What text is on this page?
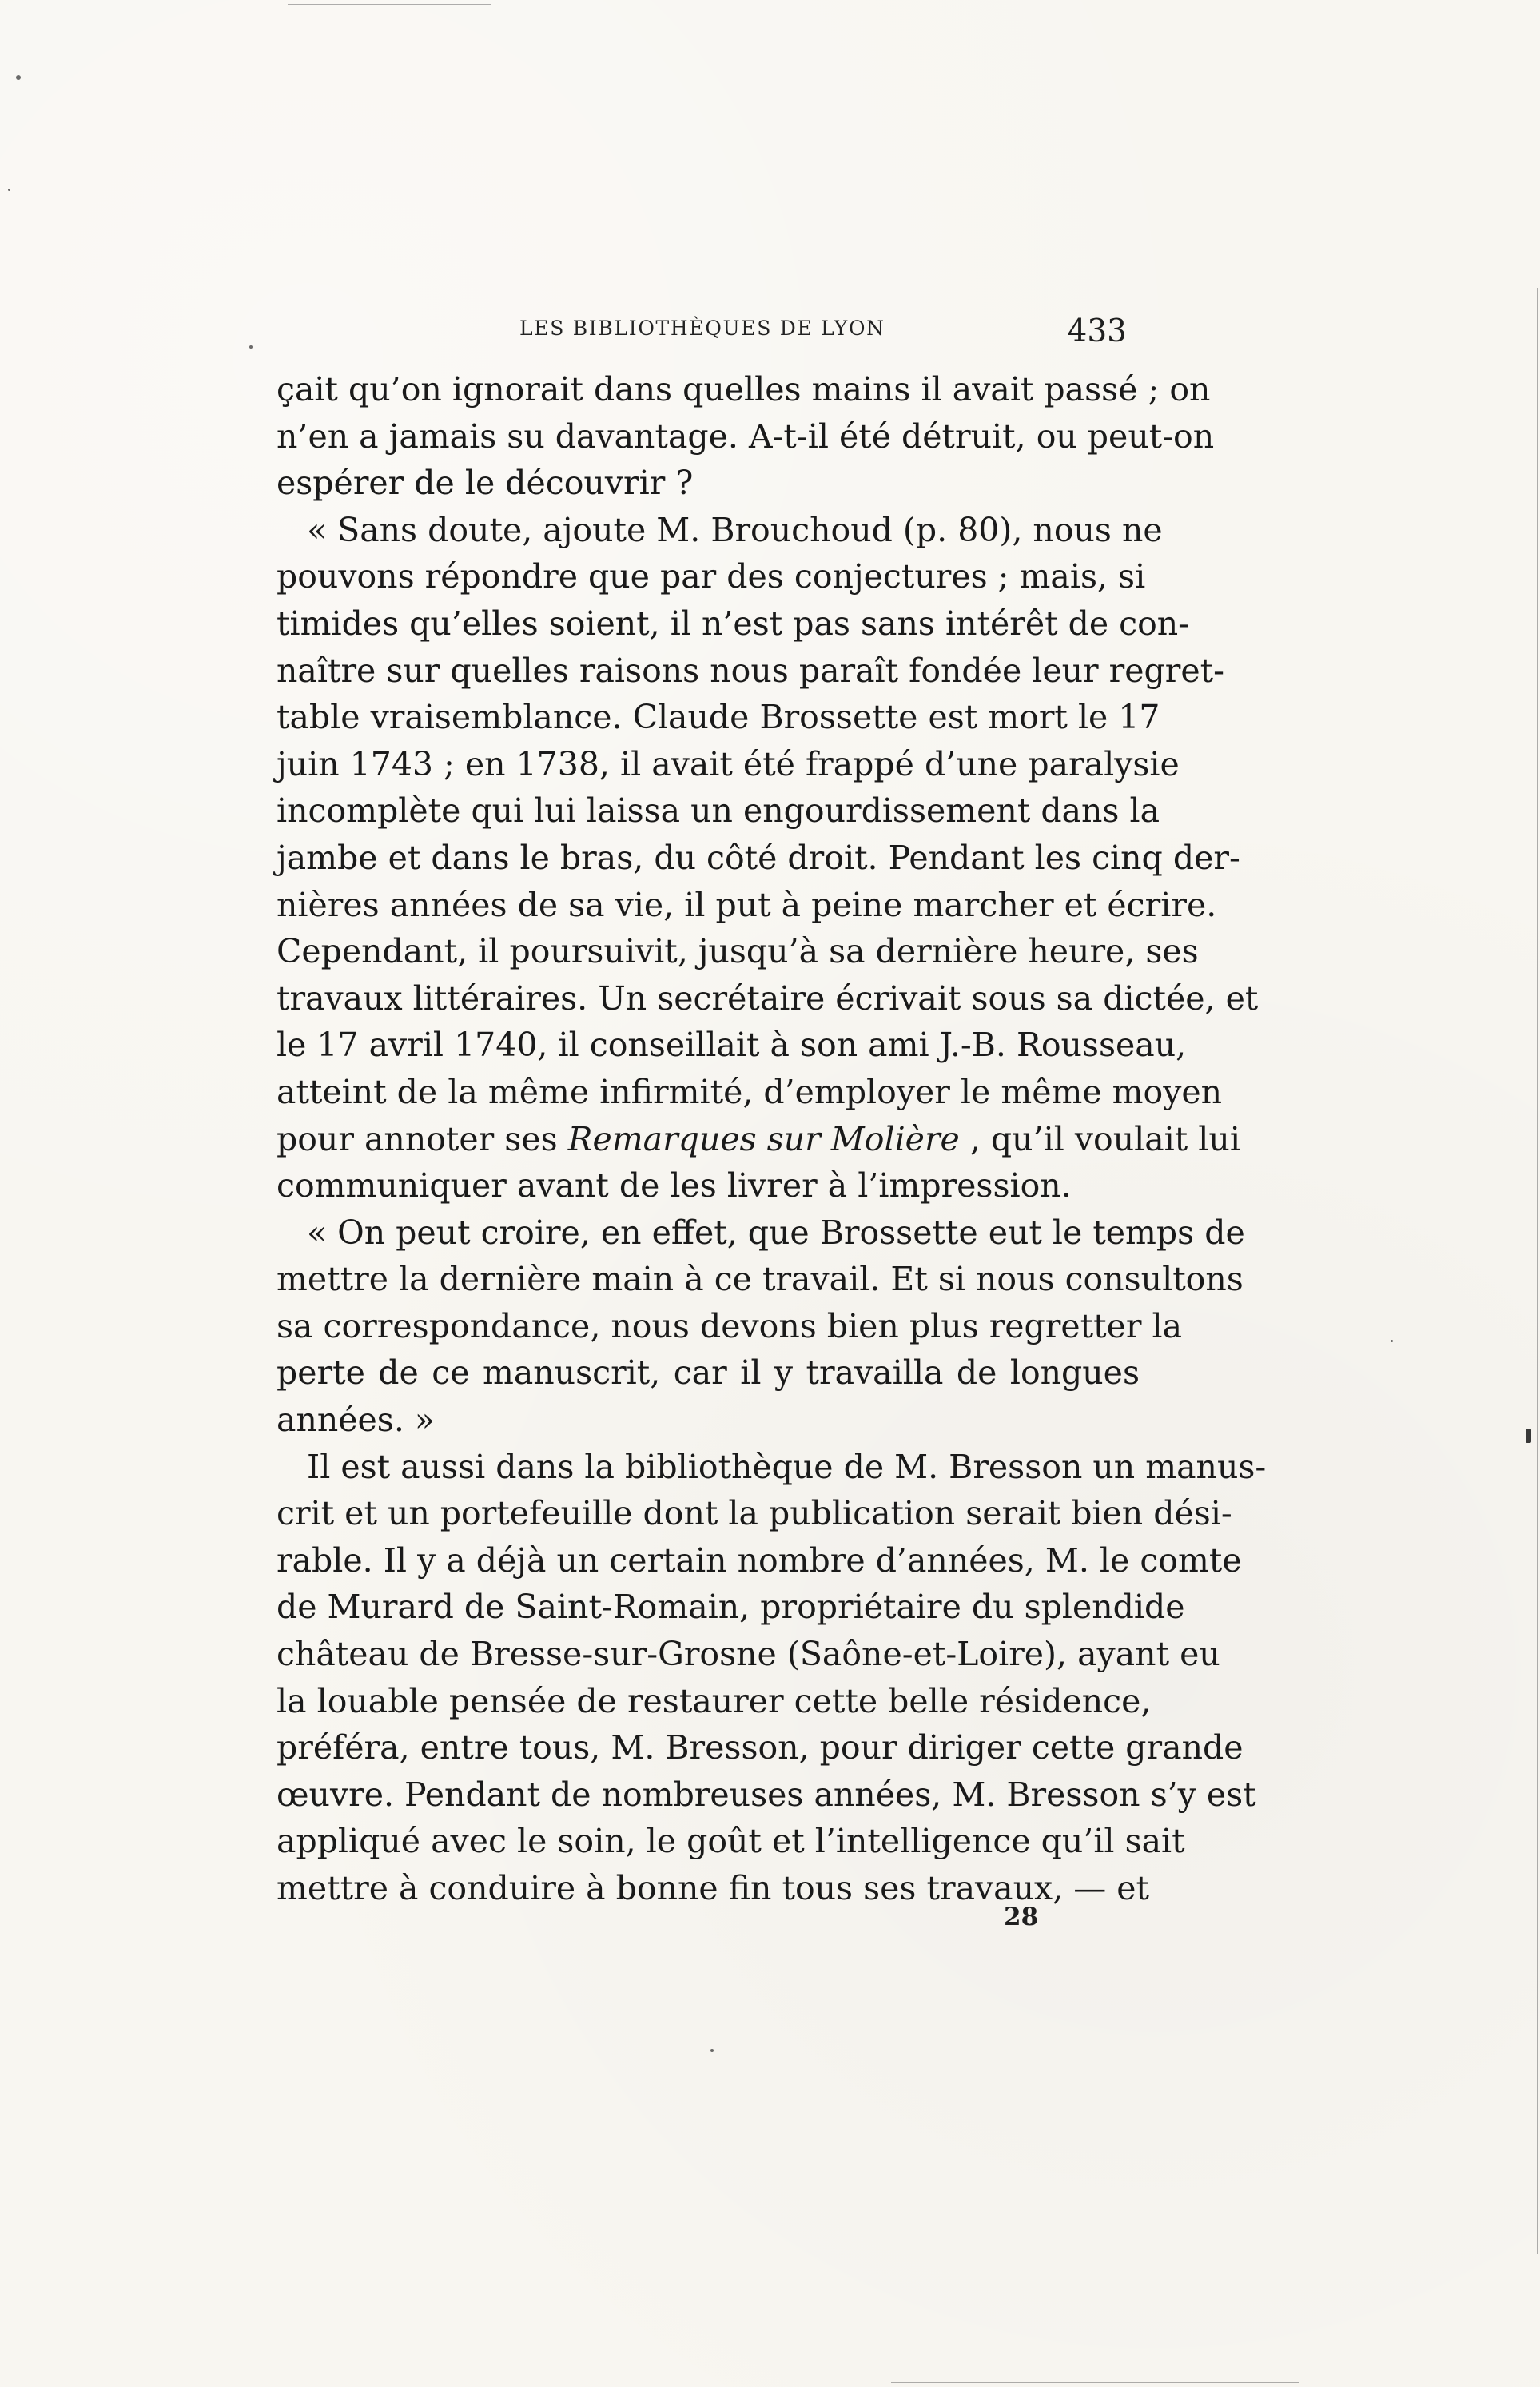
LES BIBLIOTHÈQUES DE LYON	433
çait qu’on ignorait dans quelles mains il avait passé ; on
n’en a jamais su davantage. A-t-il été détruit, ou peut-on
espérer de le découvrir ?
« Sans doute, ajoute M. Brouchoud (p. 80), nous ne
pouvons répondre que par des conjectures ; mais, si
timides qu’elles soient, il n’est pas sans intérêt de con-
naître sur quelles raisons nous paraît fondée leur regret-
table vraisemblance. Claude Brossette est mort le 17
juin 1743 ; en 1738, il avait été frappé d’une paralysie
incomplète qui lui laissa un engourdissement dans la
jambe et dans le bras, du côté droit. Pendant les cinq der-
nières années de sa vie, il put à peine marcher et écrire.
Cependant, il poursuivit, jusqu’à sa dernière heure, ses
travaux littéraires. Un secrétaire écrivait sous sa dictée, et
le 17 avril 1740, il conseillait à son ami J.-B. Rousseau,
atteint de la même infirmité, d’employer le même moyen
pour annoter ses Remarques sur Molière , qu’il voulait lui
communiquer avant de les livrer à l’impression.
« On peut croire, en effet, que Brossette eut le temps de
mettre la dernière main à ce travail. Et si nous consultons
sa correspondance, nous devons bien plus regretter la
perte de ce manuscrit, car il y travailla de longues
années. »
Il est aussi dans la bibliothèque de M. Bresson un manus-
crit et un portefeuille dont la publication serait bien dési-
rable. Il y a déjà un certain nombre d’années, M. le comte
de Murard de Saint-Romain, propriétaire du splendide
château de Bresse-sur-Grosne (Saône-et-Loire), ayant eu
la louable pensée de restaurer cette belle résidence,
préféra, entre tous, M. Bresson, pour diriger cette grande
œuvre. Pendant de nombreuses années, M. Bresson s’y est
appliqué avec le soin, le goût et l’intelligence qu’il sait
mettre à conduire à bonne fin tous ses travaux, — et
28
